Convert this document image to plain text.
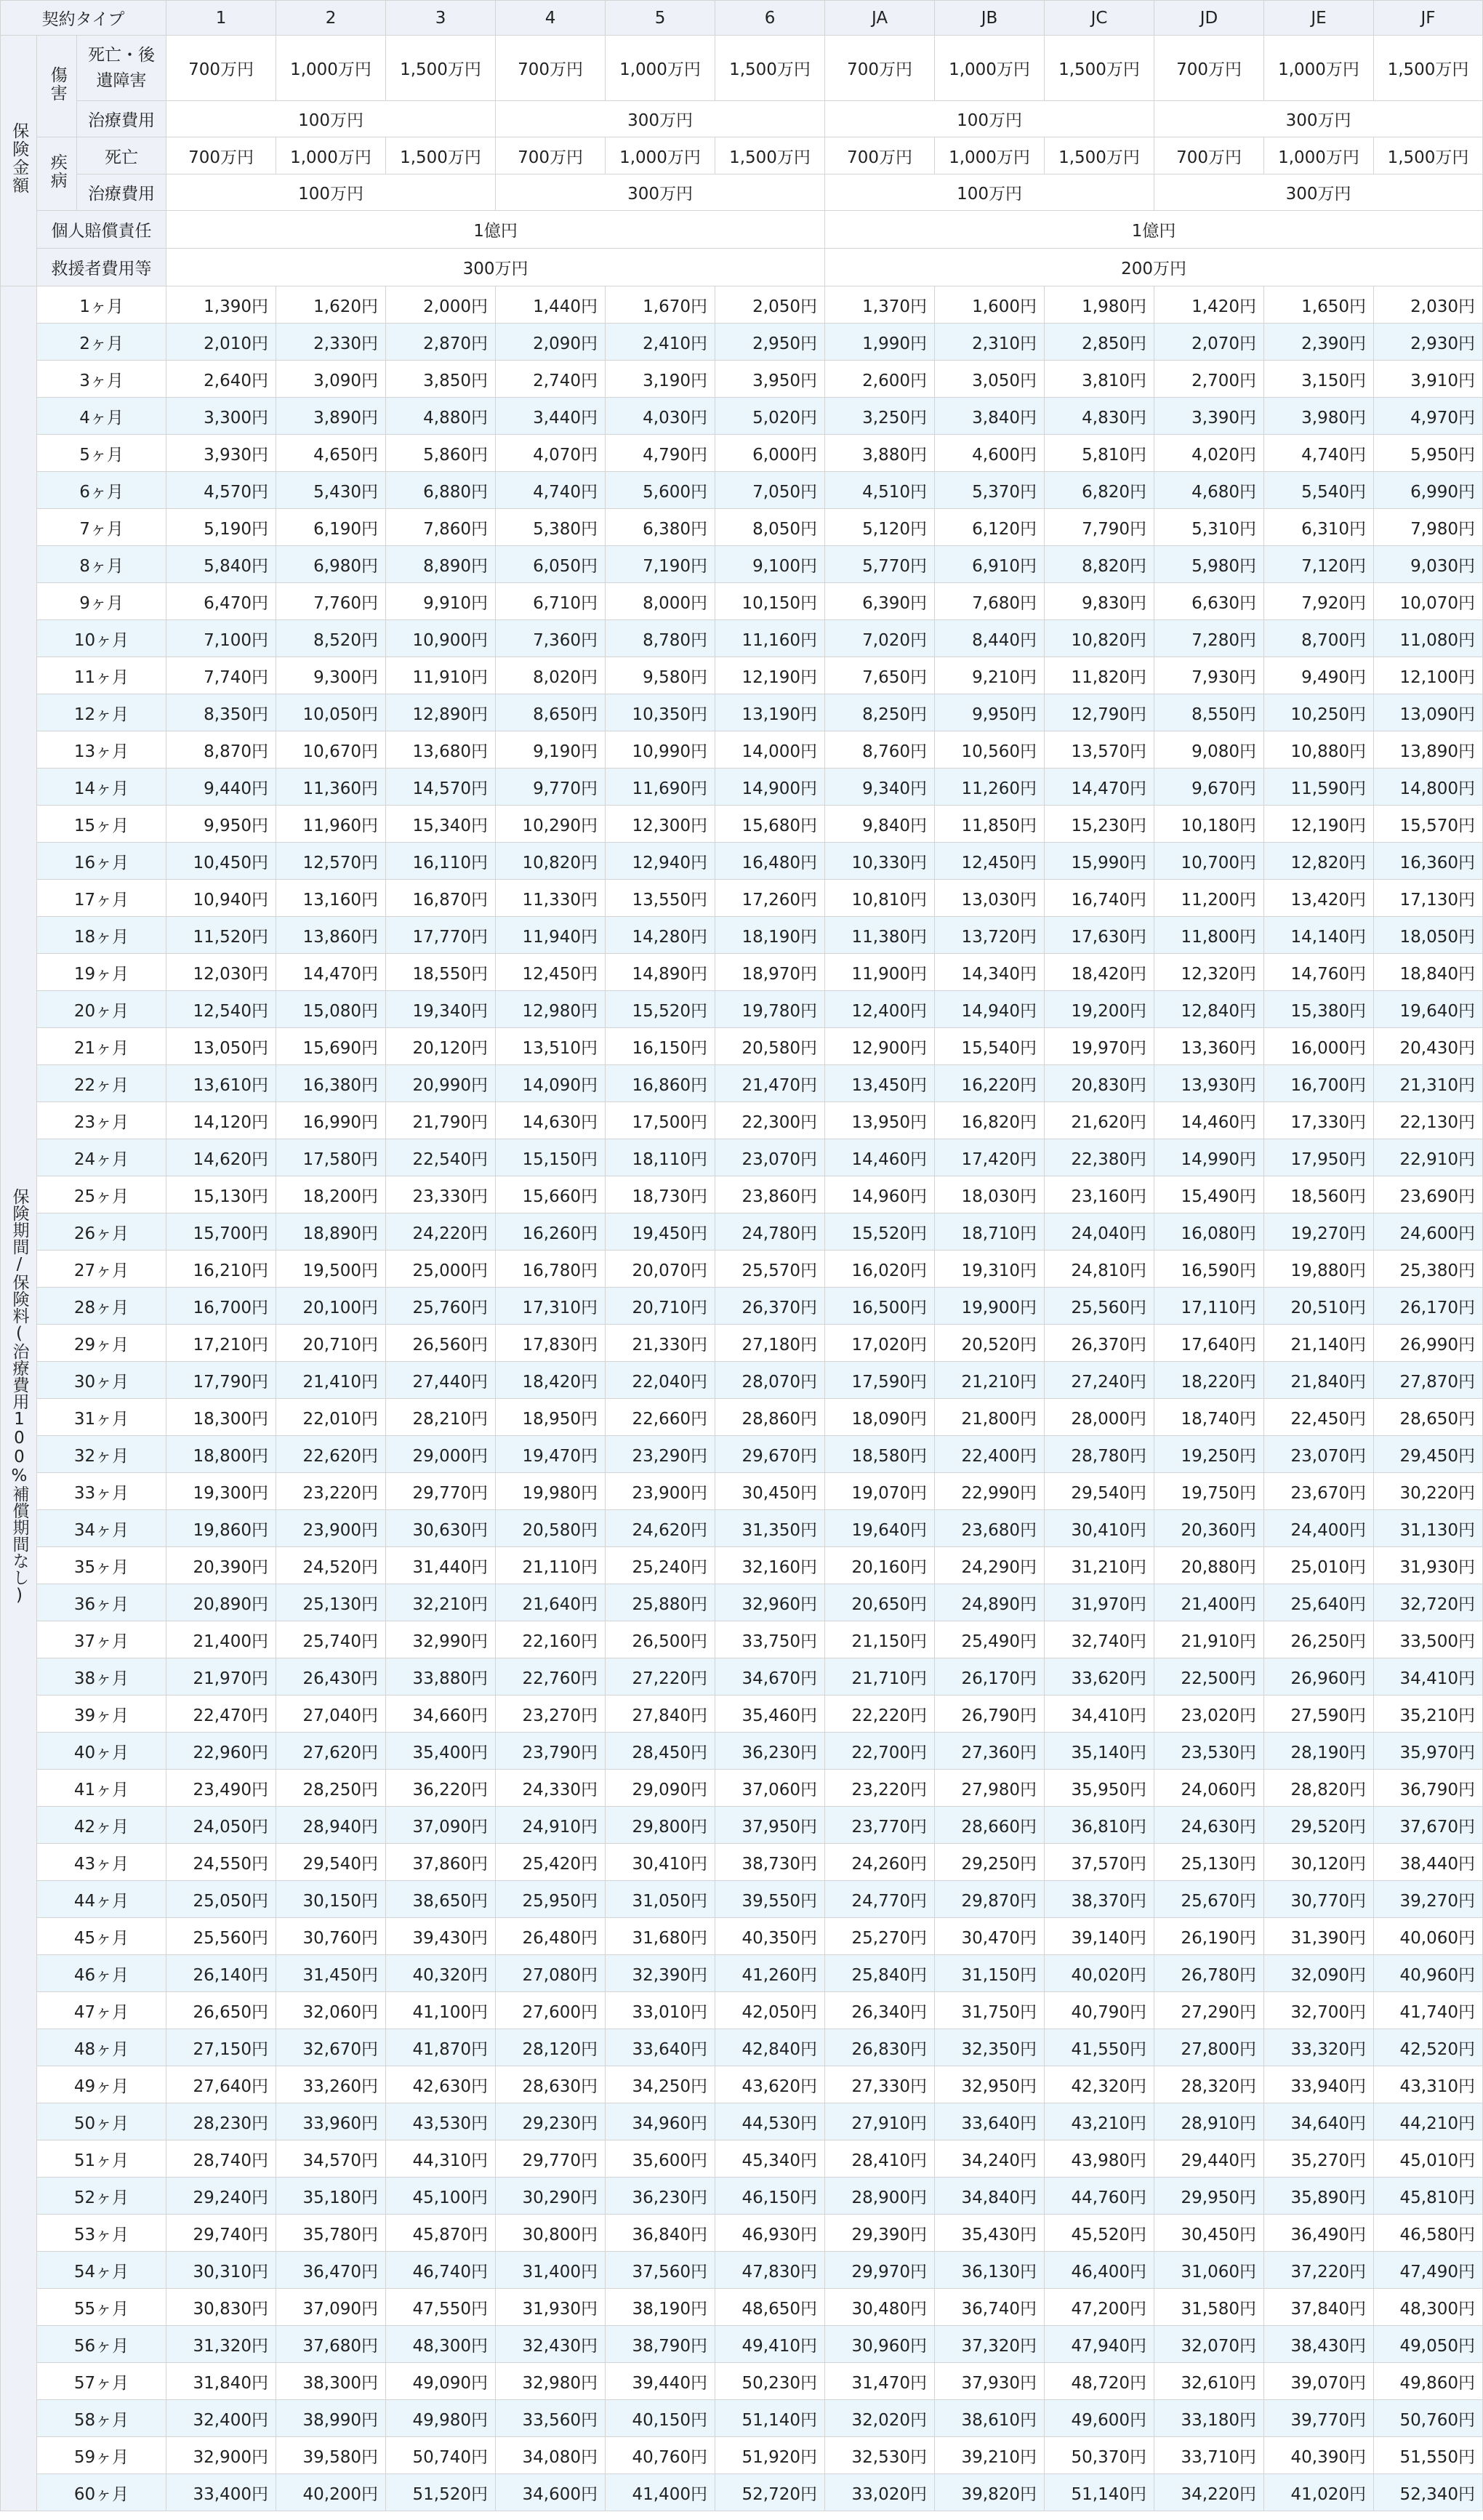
契約タイプ			1	2	3	4	5	6	JA	JB	JC	JD	JE	JF
保険金額	傷害	死亡・後遺障害	700万円	1,000万円	1,500万円	700万円	1,000万円	1,500万円	700万円	1,000万円	1,500万円	700万円	1,000万円	1,500万円
		治療費用	100万円			300万円			100万円			300万円		
	疾病	死亡	700万円	1,000万円	1,500万円	700万円	1,000万円	1,500万円	700万円	1,000万円	1,500万円	700万円	1,000万円	1,500万円
		治療費用	100万円			300万円			100万円			300万円		
	個人賠償責任		1億円						1億円					
	救援者費用等		300万円						200万円					
保険期間/保険料(治療費用100%補償期間なし)	1ヶ月		1,390円	1,620円	2,000円	1,440円	1,670円	2,050円	1,370円	1,600円	1,980円	1,420円	1,650円	2,030円
	2ヶ月		2,010円	2,330円	2,870円	2,090円	2,410円	2,950円	1,990円	2,310円	2,850円	2,070円	2,390円	2,930円
	3ヶ月		2,640円	3,090円	3,850円	2,740円	3,190円	3,950円	2,600円	3,050円	3,810円	2,700円	3,150円	3,910円
	4ヶ月		3,300円	3,890円	4,880円	3,440円	4,030円	5,020円	3,250円	3,840円	4,830円	3,390円	3,980円	4,970円
	5ヶ月		3,930円	4,650円	5,860円	4,070円	4,790円	6,000円	3,880円	4,600円	5,810円	4,020円	4,740円	5,950円
	6ヶ月		4,570円	5,430円	6,880円	4,740円	5,600円	7,050円	4,510円	5,370円	6,820円	4,680円	5,540円	6,990円
	7ヶ月		5,190円	6,190円	7,860円	5,380円	6,380円	8,050円	5,120円	6,120円	7,790円	5,310円	6,310円	7,980円
	8ヶ月		5,840円	6,980円	8,890円	6,050円	7,190円	9,100円	5,770円	6,910円	8,820円	5,980円	7,120円	9,030円
	9ヶ月		6,470円	7,760円	9,910円	6,710円	8,000円	10,150円	6,390円	7,680円	9,830円	6,630円	7,920円	10,070円
	10ヶ月		7,100円	8,520円	10,900円	7,360円	8,780円	11,160円	7,020円	8,440円	10,820円	7,280円	8,700円	11,080円
	11ヶ月		7,740円	9,300円	11,910円	8,020円	9,580円	12,190円	7,650円	9,210円	11,820円	7,930円	9,490円	12,100円
	12ヶ月		8,350円	10,050円	12,890円	8,650円	10,350円	13,190円	8,250円	9,950円	12,790円	8,550円	10,250円	13,090円
	13ヶ月		8,870円	10,670円	13,680円	9,190円	10,990円	14,000円	8,760円	10,560円	13,570円	9,080円	10,880円	13,890円
	14ヶ月		9,440円	11,360円	14,570円	9,770円	11,690円	14,900円	9,340円	11,260円	14,470円	9,670円	11,590円	14,800円
	15ヶ月		9,950円	11,960円	15,340円	10,290円	12,300円	15,680円	9,840円	11,850円	15,230円	10,180円	12,190円	15,570円
	16ヶ月		10,450円	12,570円	16,110円	10,820円	12,940円	16,480円	10,330円	12,450円	15,990円	10,700円	12,820円	16,360円
	17ヶ月		10,940円	13,160円	16,870円	11,330円	13,550円	17,260円	10,810円	13,030円	16,740円	11,200円	13,420円	17,130円
	18ヶ月		11,520円	13,860円	17,770円	11,940円	14,280円	18,190円	11,380円	13,720円	17,630円	11,800円	14,140円	18,050円
	19ヶ月		12,030円	14,470円	18,550円	12,450円	14,890円	18,970円	11,900円	14,340円	18,420円	12,320円	14,760円	18,840円
	20ヶ月		12,540円	15,080円	19,340円	12,980円	15,520円	19,780円	12,400円	14,940円	19,200円	12,840円	15,380円	19,640円
	21ヶ月		13,050円	15,690円	20,120円	13,510円	16,150円	20,580円	12,900円	15,540円	19,970円	13,360円	16,000円	20,430円
	22ヶ月		13,610円	16,380円	20,990円	14,090円	16,860円	21,470円	13,450円	16,220円	20,830円	13,930円	16,700円	21,310円
	23ヶ月		14,120円	16,990円	21,790円	14,630円	17,500円	22,300円	13,950円	16,820円	21,620円	14,460円	17,330円	22,130円
	24ヶ月		14,620円	17,580円	22,540円	15,150円	18,110円	23,070円	14,460円	17,420円	22,380円	14,990円	17,950円	22,910円
	25ヶ月		15,130円	18,200円	23,330円	15,660円	18,730円	23,860円	14,960円	18,030円	23,160円	15,490円	18,560円	23,690円
	26ヶ月		15,700円	18,890円	24,220円	16,260円	19,450円	24,780円	15,520円	18,710円	24,040円	16,080円	19,270円	24,600円
	27ヶ月		16,210円	19,500円	25,000円	16,780円	20,070円	25,570円	16,020円	19,310円	24,810円	16,590円	19,880円	25,380円
	28ヶ月		16,700円	20,100円	25,760円	17,310円	20,710円	26,370円	16,500円	19,900円	25,560円	17,110円	20,510円	26,170円
	29ヶ月		17,210円	20,710円	26,560円	17,830円	21,330円	27,180円	17,020円	20,520円	26,370円	17,640円	21,140円	26,990円
	30ヶ月		17,790円	21,410円	27,440円	18,420円	22,040円	28,070円	17,590円	21,210円	27,240円	18,220円	21,840円	27,870円
	31ヶ月		18,300円	22,010円	28,210円	18,950円	22,660円	28,860円	18,090円	21,800円	28,000円	18,740円	22,450円	28,650円
	32ヶ月		18,800円	22,620円	29,000円	19,470円	23,290円	29,670円	18,580円	22,400円	28,780円	19,250円	23,070円	29,450円
	33ヶ月		19,300円	23,220円	29,770円	19,980円	23,900円	30,450円	19,070円	22,990円	29,540円	19,750円	23,670円	30,220円
	34ヶ月		19,860円	23,900円	30,630円	20,580円	24,620円	31,350円	19,640円	23,680円	30,410円	20,360円	24,400円	31,130円
	35ヶ月		20,390円	24,520円	31,440円	21,110円	25,240円	32,160円	20,160円	24,290円	31,210円	20,880円	25,010円	31,930円
	36ヶ月		20,890円	25,130円	32,210円	21,640円	25,880円	32,960円	20,650円	24,890円	31,970円	21,400円	25,640円	32,720円
	37ヶ月		21,400円	25,740円	32,990円	22,160円	26,500円	33,750円	21,150円	25,490円	32,740円	21,910円	26,250円	33,500円
	38ヶ月		21,970円	26,430円	33,880円	22,760円	27,220円	34,670円	21,710円	26,170円	33,620円	22,500円	26,960円	34,410円
	39ヶ月		22,470円	27,040円	34,660円	23,270円	27,840円	35,460円	22,220円	26,790円	34,410円	23,020円	27,590円	35,210円
	40ヶ月		22,960円	27,620円	35,400円	23,790円	28,450円	36,230円	22,700円	27,360円	35,140円	23,530円	28,190円	35,970円
	41ヶ月		23,490円	28,250円	36,220円	24,330円	29,090円	37,060円	23,220円	27,980円	35,950円	24,060円	28,820円	36,790円
	42ヶ月		24,050円	28,940円	37,090円	24,910円	29,800円	37,950円	23,770円	28,660円	36,810円	24,630円	29,520円	37,670円
	43ヶ月		24,550円	29,540円	37,860円	25,420円	30,410円	38,730円	24,260円	29,250円	37,570円	25,130円	30,120円	38,440円
	44ヶ月		25,050円	30,150円	38,650円	25,950円	31,050円	39,550円	24,770円	29,870円	38,370円	25,670円	30,770円	39,270円
	45ヶ月		25,560円	30,760円	39,430円	26,480円	31,680円	40,350円	25,270円	30,470円	39,140円	26,190円	31,390円	40,060円
	46ヶ月		26,140円	31,450円	40,320円	27,080円	32,390円	41,260円	25,840円	31,150円	40,020円	26,780円	32,090円	40,960円
	47ヶ月		26,650円	32,060円	41,100円	27,600円	33,010円	42,050円	26,340円	31,750円	40,790円	27,290円	32,700円	41,740円
	48ヶ月		27,150円	32,670円	41,870円	28,120円	33,640円	42,840円	26,830円	32,350円	41,550円	27,800円	33,320円	42,520円
	49ヶ月		27,640円	33,260円	42,630円	28,630円	34,250円	43,620円	27,330円	32,950円	42,320円	28,320円	33,940円	43,310円
	50ヶ月		28,230円	33,960円	43,530円	29,230円	34,960円	44,530円	27,910円	33,640円	43,210円	28,910円	34,640円	44,210円
	51ヶ月		28,740円	34,570円	44,310円	29,770円	35,600円	45,340円	28,410円	34,240円	43,980円	29,440円	35,270円	45,010円
	52ヶ月		29,240円	35,180円	45,100円	30,290円	36,230円	46,150円	28,900円	34,840円	44,760円	29,950円	35,890円	45,810円
	53ヶ月		29,740円	35,780円	45,870円	30,800円	36,840円	46,930円	29,390円	35,430円	45,520円	30,450円	36,490円	46,580円
	54ヶ月		30,310円	36,470円	46,740円	31,400円	37,560円	47,830円	29,970円	36,130円	46,400円	31,060円	37,220円	47,490円
	55ヶ月		30,830円	37,090円	47,550円	31,930円	38,190円	48,650円	30,480円	36,740円	47,200円	31,580円	37,840円	48,300円
	56ヶ月		31,320円	37,680円	48,300円	32,430円	38,790円	49,410円	30,960円	37,320円	47,940円	32,070円	38,430円	49,050円
	57ヶ月		31,840円	38,300円	49,090円	32,980円	39,440円	50,230円	31,470円	37,930円	48,720円	32,610円	39,070円	49,860円
	58ヶ月		32,400円	38,990円	49,980円	33,560円	40,150円	51,140円	32,020円	38,610円	49,600円	33,180円	39,770円	50,760円
	59ヶ月		32,900円	39,580円	50,740円	34,080円	40,760円	51,920円	32,530円	39,210円	50,370円	33,710円	40,390円	51,550円
	60ヶ月		33,400円	40,200円	51,520円	34,600円	41,400円	52,720円	33,020円	39,820円	51,140円	34,220円	41,020円	52,340円
